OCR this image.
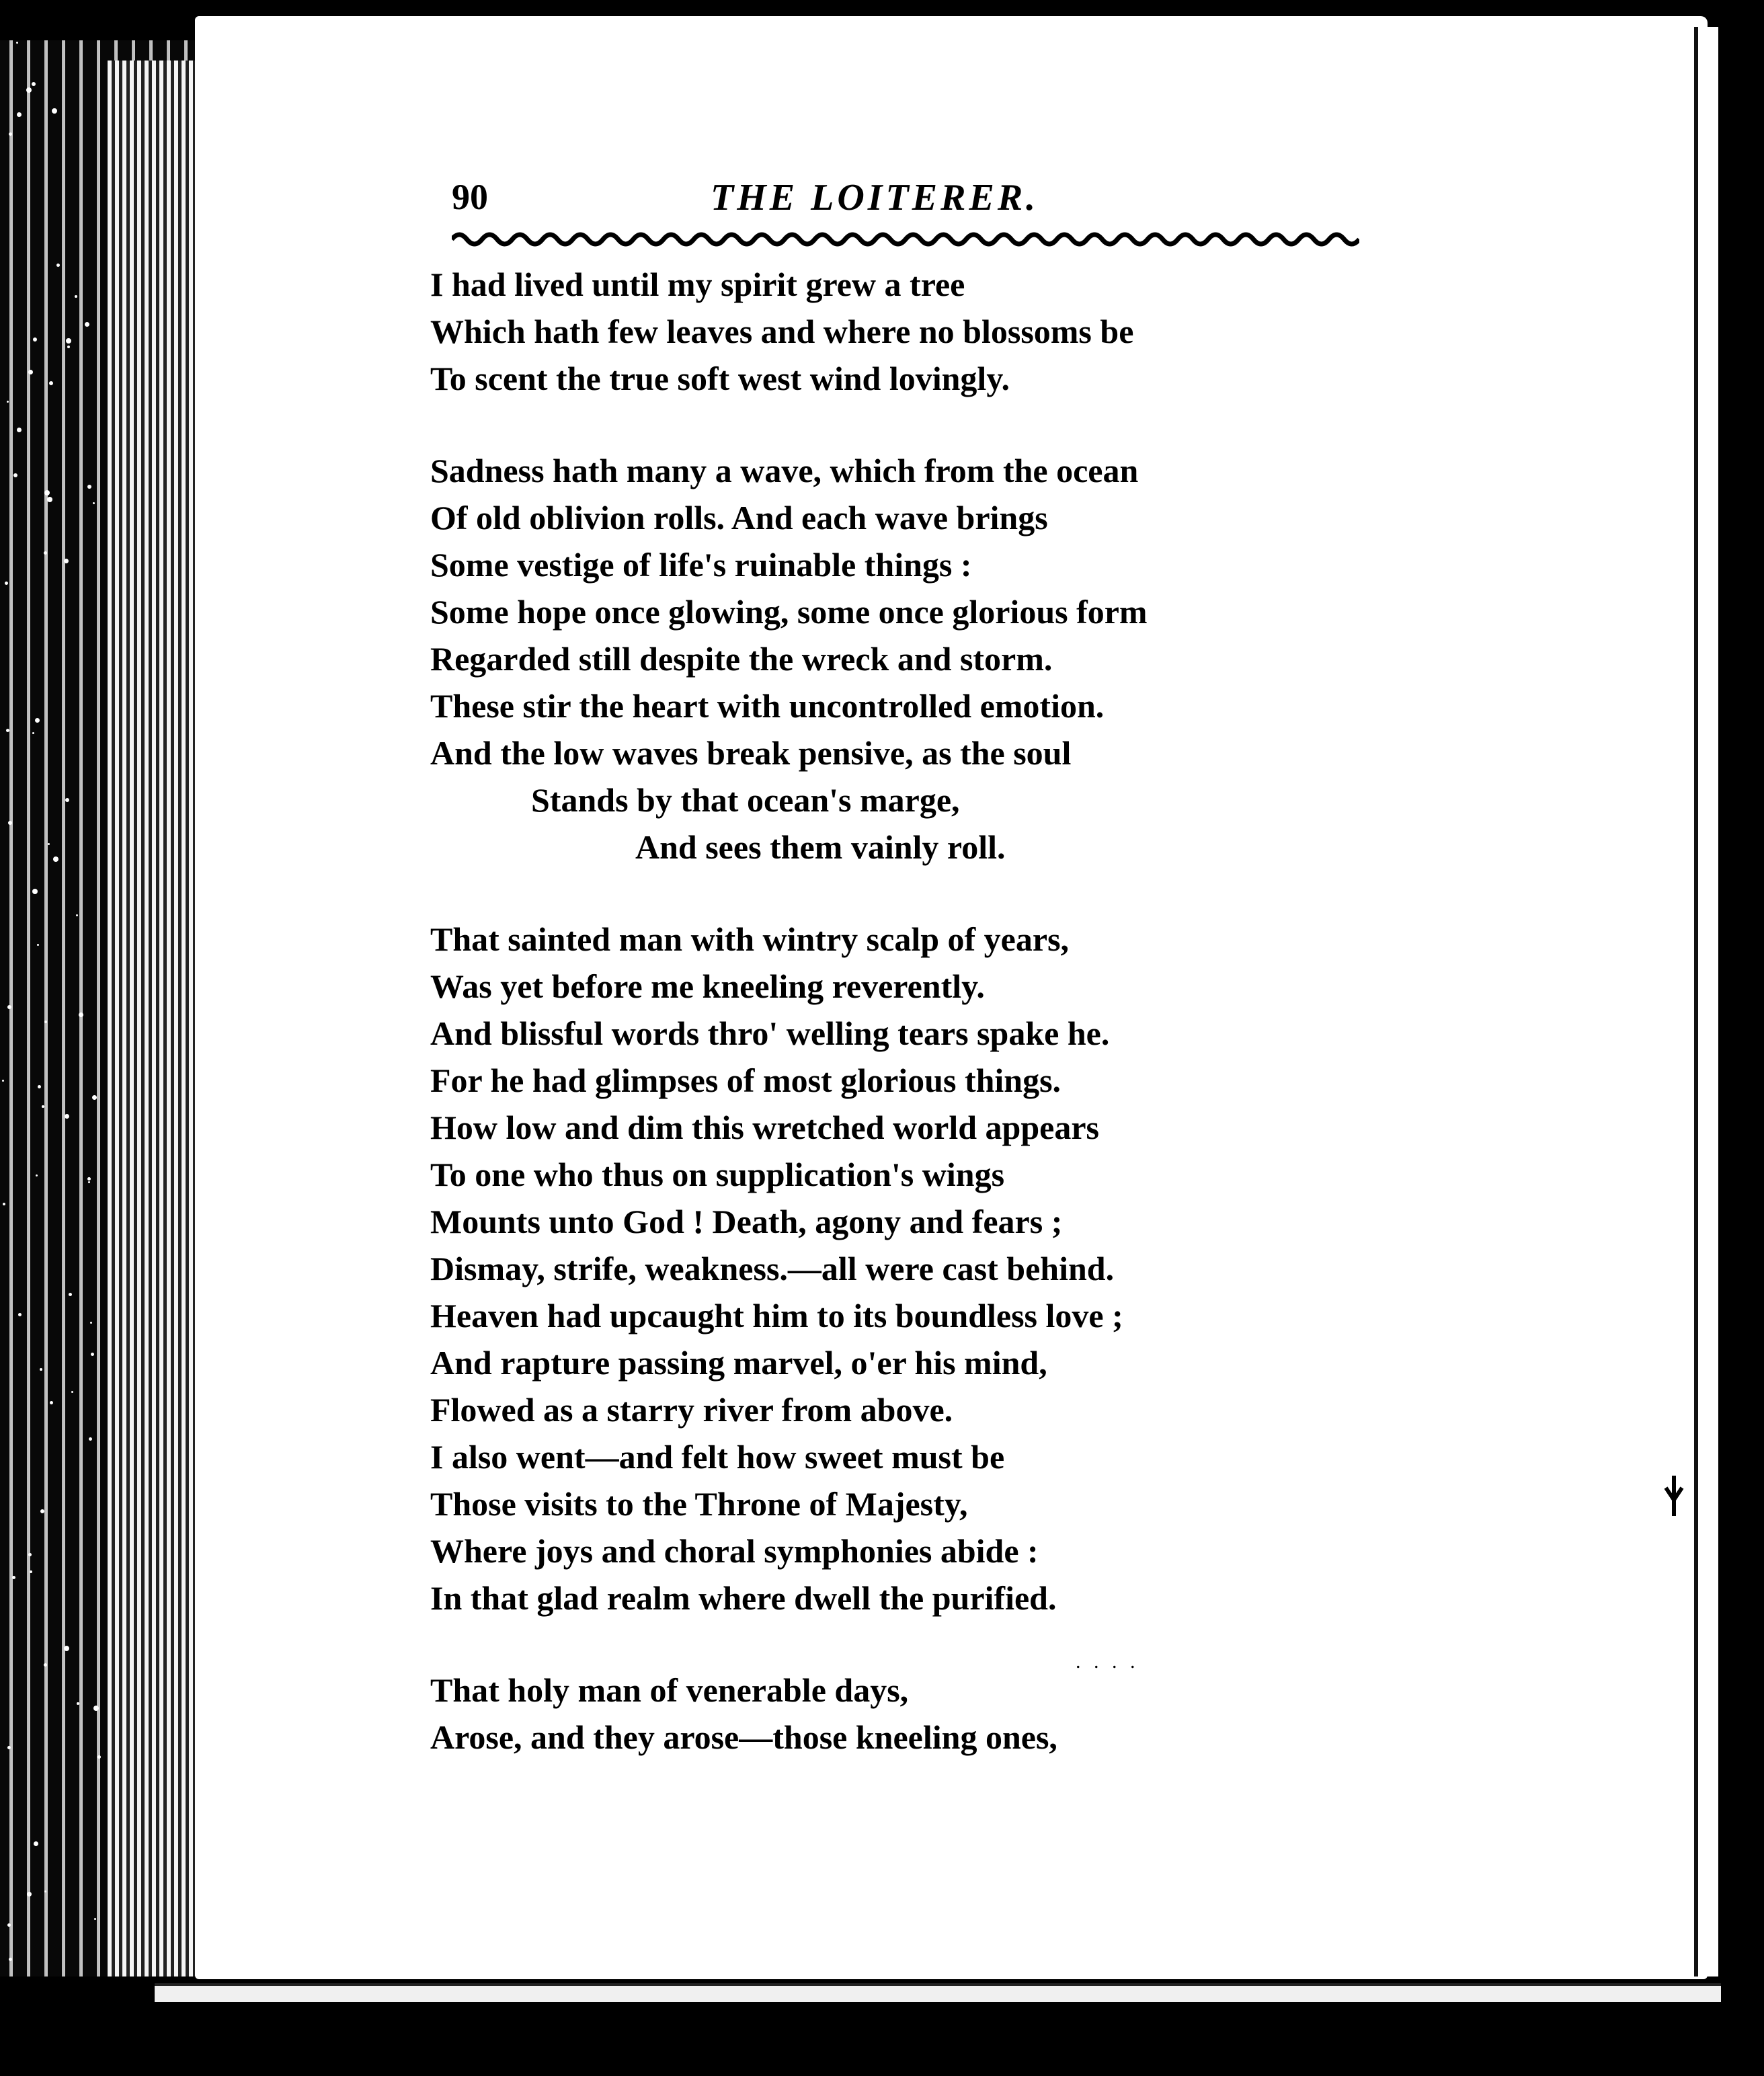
90	THE LOITERER.
I had lived until my spirit grew a tree
Which hath few leaves and where no blossoms be
To scent the true soft west wind lovingly.
Sadness hath many a wave, which from the ocean
Of old oblivion rolls. And each wave brings
Some vestige of life's ruinable things :
Some hope once glowing, some once glorious form
Regarded still despite the wreck and storm.
These stir the heart with uncontrolled emotion.
And the low waves break pensive, as the soul
Stands by that ocean's marge,
And sees them vainly roll.
That sainted man with wintry scalp of years,
Was yet before me kneeling reverently.
And blissful words thro' welling tears spake he.
For he had glimpses of most glorious things.
How low and dim this wretched world appears
To one who thus on supplication's wings
Mounts unto God ! Death, agony and fears ;
Dismay, strife, weakness.—all were cast behind.
Heaven had upcaught him to its boundless love ;
And rapture passing marvel, o'er his mind,
Flowed as a starry river from above.
I also went—and felt how sweet must be
Those visits to the Throne of Majesty,
Where joys and choral symphonies abide :
In that glad realm where dwell the purified.
. . . .
That holy man of venerable days,
Arose, and they arose—those kneeling ones,
